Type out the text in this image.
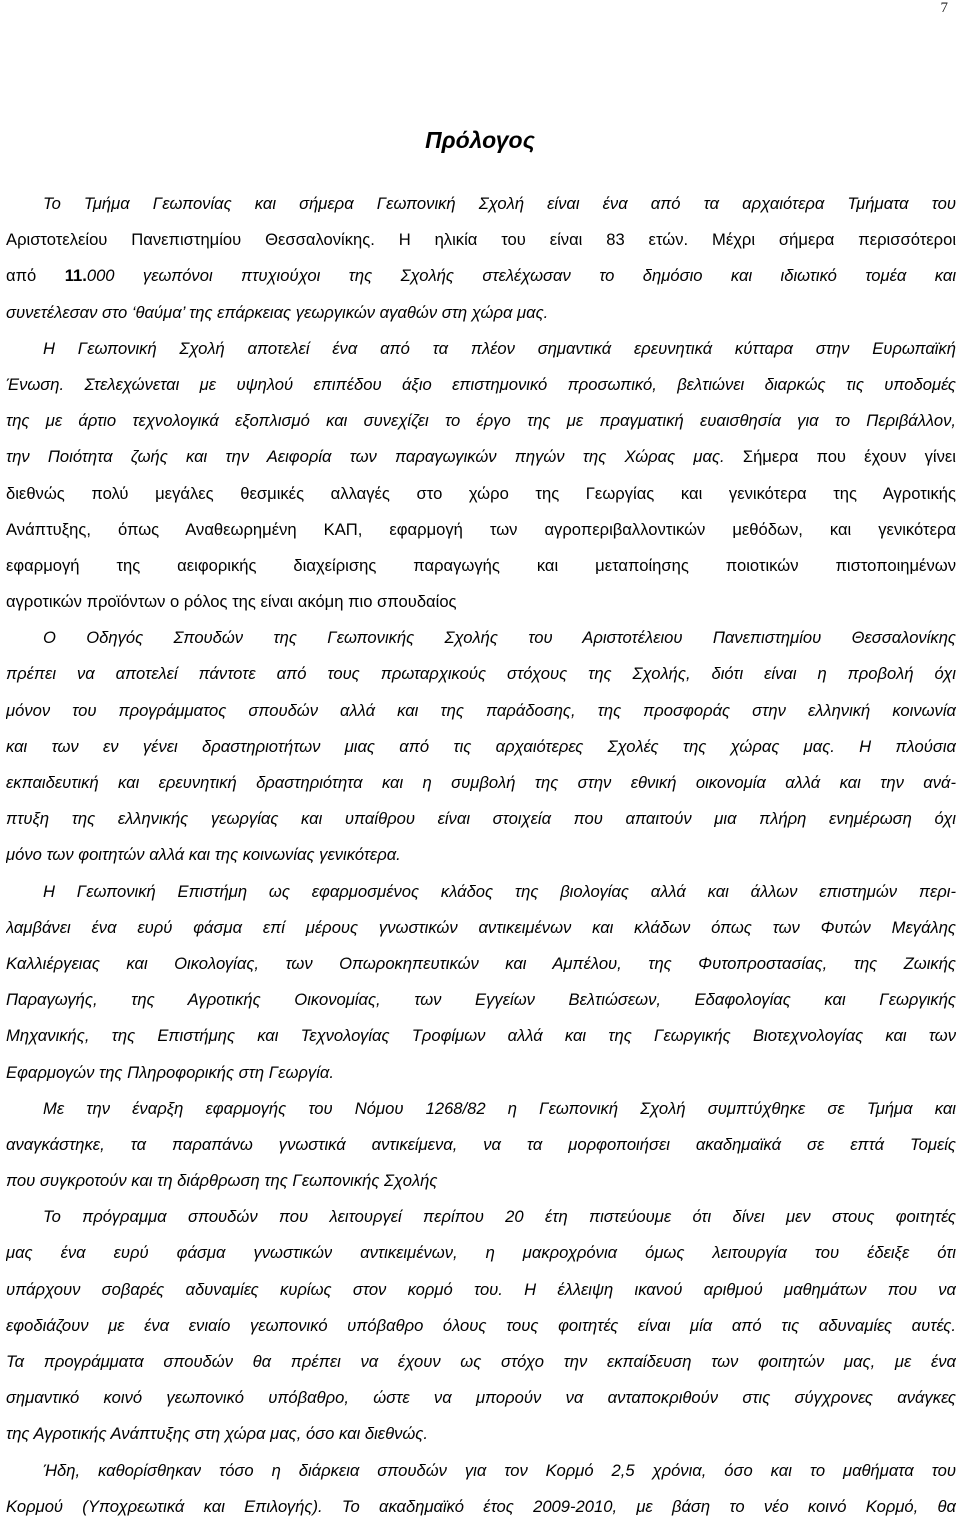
7
Πρόλογος
Το Τμήμα Γεωπονίας και σήμερα Γεωπονική Σχολή είναι ένα από τα αρχαιότερα Τμήματα του
Αριστοτελείου Πανεπιστημίου Θεσσαλονίκης. Η ηλικία του είναι 83 ετών. Μέχρι σήμερα περισσότεροι
από 11.000 γεωπόνοι πτυχιούχοι της Σχολής στελέχωσαν το δημόσιο και ιδιωτικό τομέα και
συνετέλεσαν στο ‘θαύμα’ της επάρκειας γεωργικών αγαθών στη χώρα μας.
Η Γεωπονική Σχολή αποτελεί ένα από τα πλέον σημαντικά ερευνητικά κύτταρα στην Ευρωπαϊκή
Ένωση. Στελεχώνεται με υψηλού επιπέδου άξιο επιστημονικό προσωπικό, βελτιώνει διαρκώς τις υποδομές
της με άρτιο τεχνολογικά εξοπλισμό και συνεχίζει το έργο της με πραγματική ευαισθησία για το Περιβάλλον,
την Ποιότητα ζωής και την Αειφορία των παραγωγικών πηγών της Χώρας μας. Σήμερα που έχουν γίνει
διεθνώς πολύ μεγάλες θεσμικές αλλαγές στο χώρο της Γεωργίας και γενικότερα της Αγροτικής
Ανάπτυξης, όπως Αναθεωρημένη ΚΑΠ, εφαρμογή των αγροπεριβαλλοντικών μεθόδων, και γενικότερα
εφαρμογή της αειφορικής διαχείρισης παραγωγής και μεταποίησης ποιοτικών πιστοποιημένων
αγροτικών προϊόντων ο ρόλος της είναι ακόμη πιο σπουδαίος
Ο Οδηγός Σπουδών της Γεωπονικής Σχολής του Αριστοτέλειου Πανεπιστημίου Θεσσαλονίκης
πρέπει να αποτελεί πάντοτε από τους πρωταρχικούς στόχους της Σχολής, διότι είναι η προβολή όχι
μόνον του προγράμματος σπουδών αλλά και της παράδοσης, της προσφοράς στην ελληνική κοινωνία
και των εν γένει δραστηριοτήτων μιας από τις αρχαιότερες Σχολές της χώρας μας. Η πλούσια
εκπαιδευτική και ερευνητική δραστηριότητα και η συμβολή της στην εθνική οικονομία αλλά και την ανά-
πτυξη της ελληνικής γεωργίας και υπαίθρου είναι στοιχεία που απαιτούν μια πλήρη ενημέρωση όχι
μόνο των φοιτητών αλλά και της κοινωνίας γενικότερα.
Η Γεωπονική Επιστήμη ως εφαρμοσμένος κλάδος της βιολογίας αλλά και άλλων επιστημών περι-
λαμβάνει ένα ευρύ φάσμα επί μέρους γνωστικών αντικειμένων και κλάδων όπως των Φυτών Μεγάλης
Καλλιέργειας και Οικολογίας, των Οπωροκηπευτικών και Αμπέλου, της Φυτοπροστασίας, της Ζωικής
Παραγωγής, της Αγροτικής Οικονομίας, των Εγγείων Βελτιώσεων, Εδαφολογίας και Γεωργικής
Μηχανικής, της Επιστήμης και Τεχνολογίας Τροφίμων αλλά και της Γεωργικής Βιοτεχνολογίας και των
Εφαρμογών της Πληροφορικής στη Γεωργία.
Με την έναρξη εφαρμογής του Νόμου 1268/82 η Γεωπονική Σχολή συμπτύχθηκε σε Τμήμα και
αναγκάστηκε, τα παραπάνω γνωστικά αντικείμενα, να τα μορφοποιήσει ακαδημαϊκά σε επτά Τομείς
που συγκροτούν και τη διάρθρωση της Γεωπονικής Σχολής
Το πρόγραμμα σπουδών που λειτουργεί περίπου 20 έτη πιστεύουμε ότι δίνει μεν στους φοιτητές
μας ένα ευρύ φάσμα γνωστικών αντικειμένων, η μακροχρόνια όμως λειτουργία του έδειξε ότι
υπάρχουν σοβαρές αδυναμίες κυρίως στον κορμό του. Η έλλειψη ικανού αριθμού μαθημάτων που να
εφοδιάζουν με ένα ενιαίο γεωπονικό υπόβαθρο όλους τους φοιτητές είναι μία από τις αδυναμίες αυτές.
Τα προγράμματα σπουδών θα πρέπει να έχουν ως στόχο την εκπαίδευση των φοιτητών μας, με ένα
σημαντικό κοινό γεωπονικό υπόβαθρο, ώστε να μπορούν να ανταποκριθούν στις σύγχρονες ανάγκες
της Αγροτικής Ανάπτυξης στη χώρα μας, όσο και διεθνώς.
Ήδη, καθορίσθηκαν τόσο η διάρκεια σπουδών για τον Κορμό 2,5 χρόνια, όσο και το μαθήματα του
Κορμού (Υποχρεωτικά και Επιλογής). Το ακαδημαϊκό έτος 2009-2010, με βάση το νέο κοινό Κορμό, θα
